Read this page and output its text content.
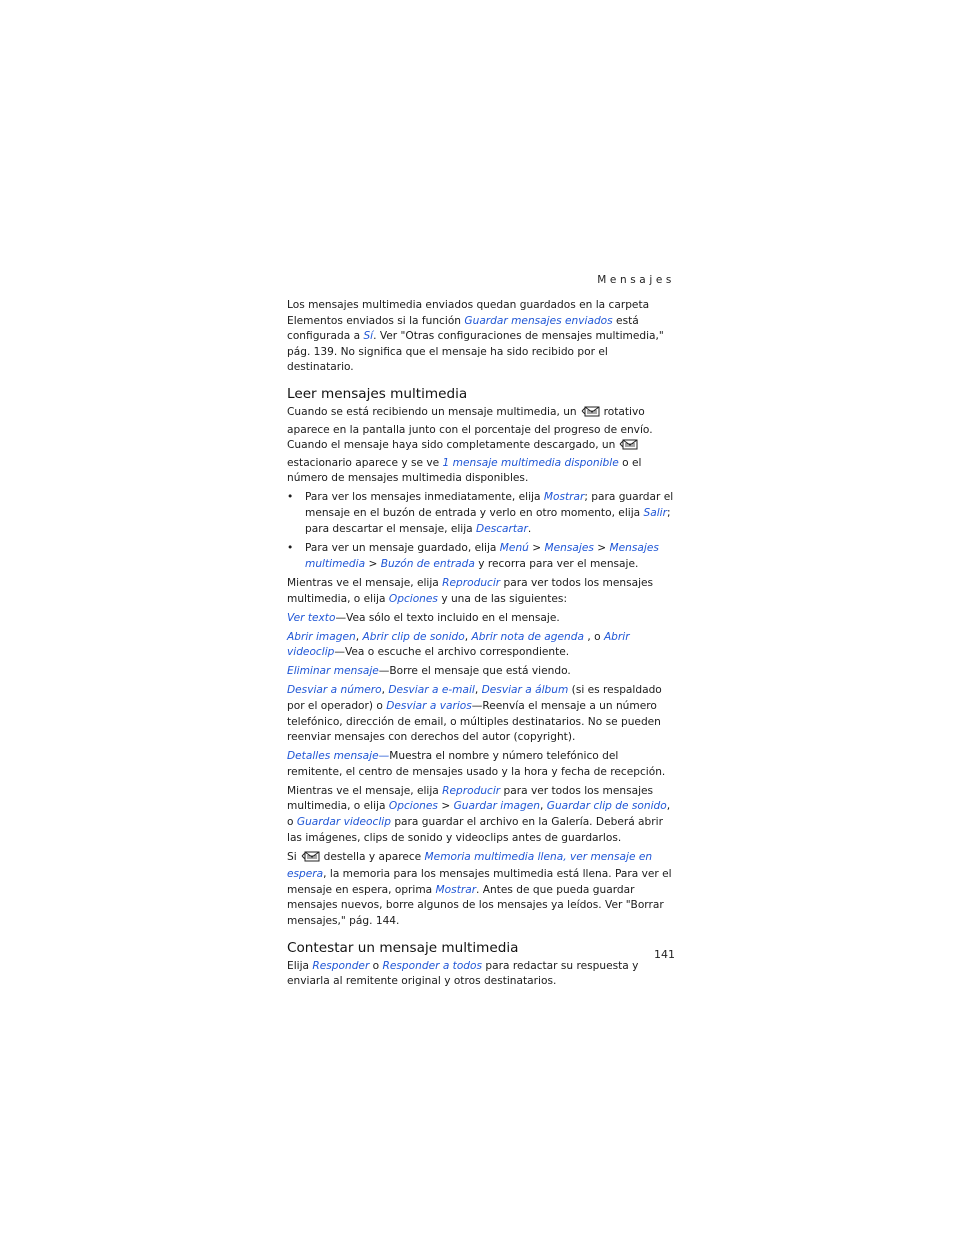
Mensajes

Los mensajes multimedia enviados quedan guardados en la carpeta Elementos enviados si la función Guardar mensajes enviados está configurada a Sí. Ver "Otras configuraciones de mensajes multimedia," pág. 139. No significa que el mensaje ha sido recibido por el destinatario.

Leer mensajes multimedia

Cuando se está recibiendo un mensaje multimedia, un	rotativo aparece en la pantalla junto con el porcentaje del progreso de envío. Cuando el mensaje haya sido completamente descargado, unestacionario aparece y se ve 1 mensaje multimedia disponible o el número de mensajes multimedia disponibles.

• Para ver los mensajes inmediatamente, elija Mostrar; para guardar el mensaje en el buzón de entrada y verlo en otro momento, elija Salir; para descartar el mensaje, elija Descartar.
• Para ver un mensaje guardado, elija Menú > Mensajes > Mensajes multimedia > Buzón de entrada y recorra para ver el mensaje.

Mientras ve el mensaje, elija Reproducir para ver todos los mensajes multimedia, o elija Opciones y una de las siguientes:

Ver texto—Vea sólo el texto incluido en el mensaje.

Abrir imagen, Abrir clip de sonido, Abrir nota de agenda , o Abrir videoclip—Vea o escuche el archivo correspondiente.

Eliminar mensaje—Borre el mensaje que está viendo.

Desviar a número, Desviar a e-mail, Desviar a álbum (si es respaldado por el operador) o Desviar a varios—Reenvía el mensaje a un número telefónico, dirección de email, o múltiples destinatarios. No se pueden reenviar mensajes con derechos del autor (copyright).

Detalles mensaje—Muestra el nombre y número telefónico del remitente, el centro de mensajes usado y la hora y fecha de recepción.

Mientras ve el mensaje, elija Reproducir para ver todos los mensajes multimedia, o elija Opciones > Guardar imagen, Guardar clip de sonido, o Guardar videoclip para guardar el archivo en la Galería. Deberá abrir las imágenes, clips de sonido y videoclips antes de guardarlos.

Si	destella y aparece Memoria multimedia llena, ver mensaje en espera, la memoria para los mensajes multimedia está llena. Para ver el mensaje en espera, oprima Mostrar. Antes de que pueda guardar mensajes nuevos, borre algunos de los mensajes ya leídos. Ver "Borrar mensajes," pág. 144.

Contestar un mensaje multimedia

Elija Responder o Responder a todos para redactar su respuesta y enviarla al remitente original y otros destinatarios.

141
